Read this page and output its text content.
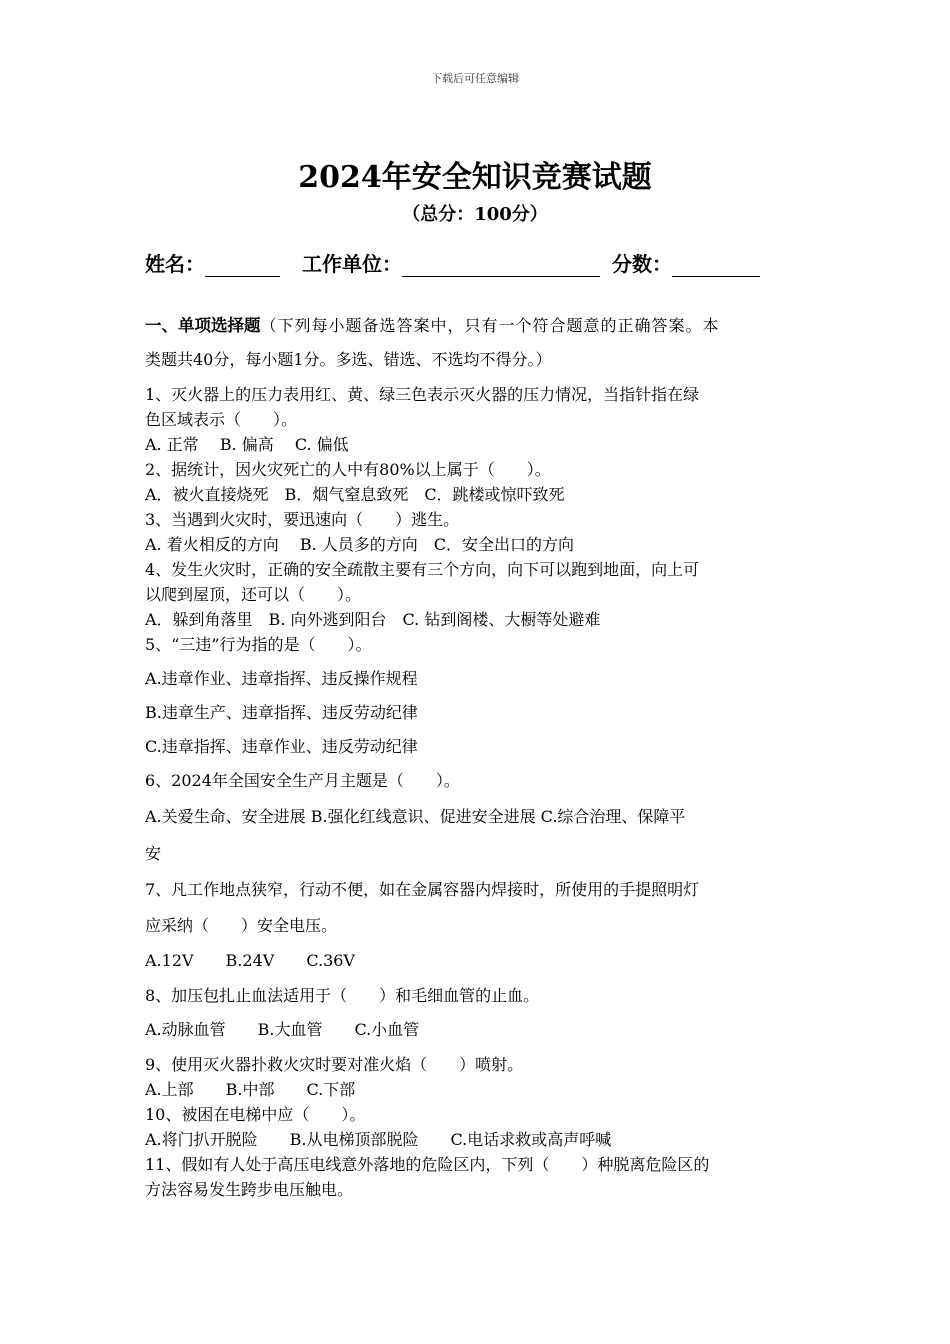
下载后可任意编辑
2024年安全知识竞赛试题
（总分：100分）
姓名：	工作单位：	分数：
一、单项选择题（下列每小题备选答案中，只有一个符合题意的正确答案。本
类题共40分，每小题1分。多选、错选、不选均不得分。）
1、灭火器上的压力表用红、黄、绿三色表示灭火器的压力情况，当指针指在绿
色区域表示（　　）。
A. 正常　 B. 偏高　 C. 偏低
2、据统计，因火灾死亡的人中有80%以上属于（　　）。
A．被火直接烧死　B．烟气窒息致死　C．跳楼或惊吓致死
3、当遇到火灾时，要迅速向（　　）逃生。
A. 着火相反的方向　 B. 人员多的方向　C．安全出口的方向
4、发生火灾时，正确的安全疏散主要有三个方向，向下可以跑到地面，向上可
以爬到屋顶，还可以（　　）。
A．躲到角落里　B. 向外逃到阳台　C. 钻到阁楼、大橱等处避难
5、“三违”行为指的是（　　）。
A.违章作业、违章指挥、违反操作规程
B.违章生产、违章指挥、违反劳动纪律
C.违章指挥、违章作业、违反劳动纪律
6、2024年全国安全生产月主题是（　　）。
A.关爱生命、安全进展 B.强化红线意识、促进安全进展 C.综合治理、保障平
安
7、凡工作地点狭窄，行动不便，如在金属容器内焊接时，所使用的手提照明灯
应采纳（　　）安全电压。
A.12V　　B.24V　　C.36V
8、加压包扎止血法适用于（　　）和毛细血管的止血。
A.动脉血管　　B.大血管　　C.小血管
9、使用灭火器扑救火灾时要对准火焰（　　）喷射。
A.上部　　B.中部　　C.下部
10、被困在电梯中应（　　）。
A.将门扒开脱险　　B.从电梯顶部脱险　　C.电话求救或高声呼喊
11、假如有人处于高压电线意外落地的危险区内，下列（　　）种脱离危险区的
方法容易发生跨步电压触电。
